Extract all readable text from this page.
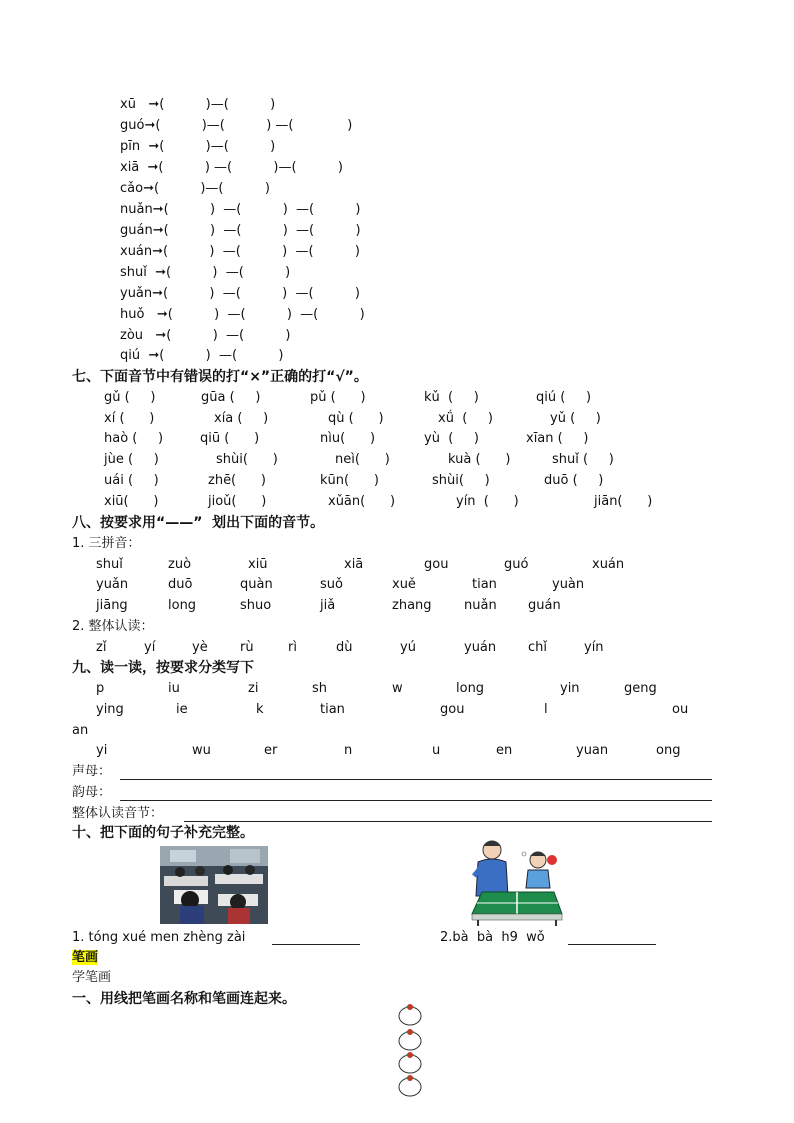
xū   ➞(          )—(          )
guó➞(          )—(          ) —(             )
pīn  ➞(          )—(          )
xiā  ➞(          ) —(          )—(          )
cǎo➞(          )—(          )
nuǎn➞(          )  —(          )  —(          )
guán➞(          )  —(          )  —(          )
xuán➞(          )  —(          )  —(          )
shuǐ  ➞(          )  —(          )
yuǎn➞(          )  —(          )  —(          )
huǒ   ➞(          )  —(          )  —(          )
zòu   ➞(          )  —(          )
qiú  ➞(          )  —(          )
七、下面音节中有错误的打“×”正确的打“√”。
gǔ (     )	gūa (     )	pǔ (      )	kǔ  (     )	qiú (     )
xí (      )	xía (     )	qù (      )	xǘ  (     )	yǔ (     )
haò (     )	qiū (      )	nìu(      )	yù  (     )	xīan (     )
jùe (     )	shùi(      )	neì(      )	kuà (      )	shuǐ (     )
uái (     )	zhē(      )	kūn(      )	shùi(     )	duō (     )
xiū(      )	jioǔ(      )	xǔān(      )	yín  (      )	jiān(      )
八、按要求用“——”  划出下面的音节。
1. 三拼音：
shuǐ	zuò	xiū	xiā	gou	guó	xuán
yuǎn	duō	quàn	suǒ	xuě	tian	yuàn
jiāng	long	shuo	jiǎ	zhang nuǎn guán
2. 整体认读：
zǐ	yí	yè rù	rì	dù	yú	yuán chǐ	yín
九、读一读，按要求分类写下
p	iu	zi	sh	w	long	yin	geng
ying	ie	k	tian	gou	l	ou
an
yi	wu	er	n	u	en	yuan	ong
声母：
韵母：
整体认读音节：
十、把下面的句子补充完整。
1. tóng xué men zhèng zài	2.bà  bà  h9  wǒ
笔画
学笔画
一、用线把笔画名称和笔画连起来。
